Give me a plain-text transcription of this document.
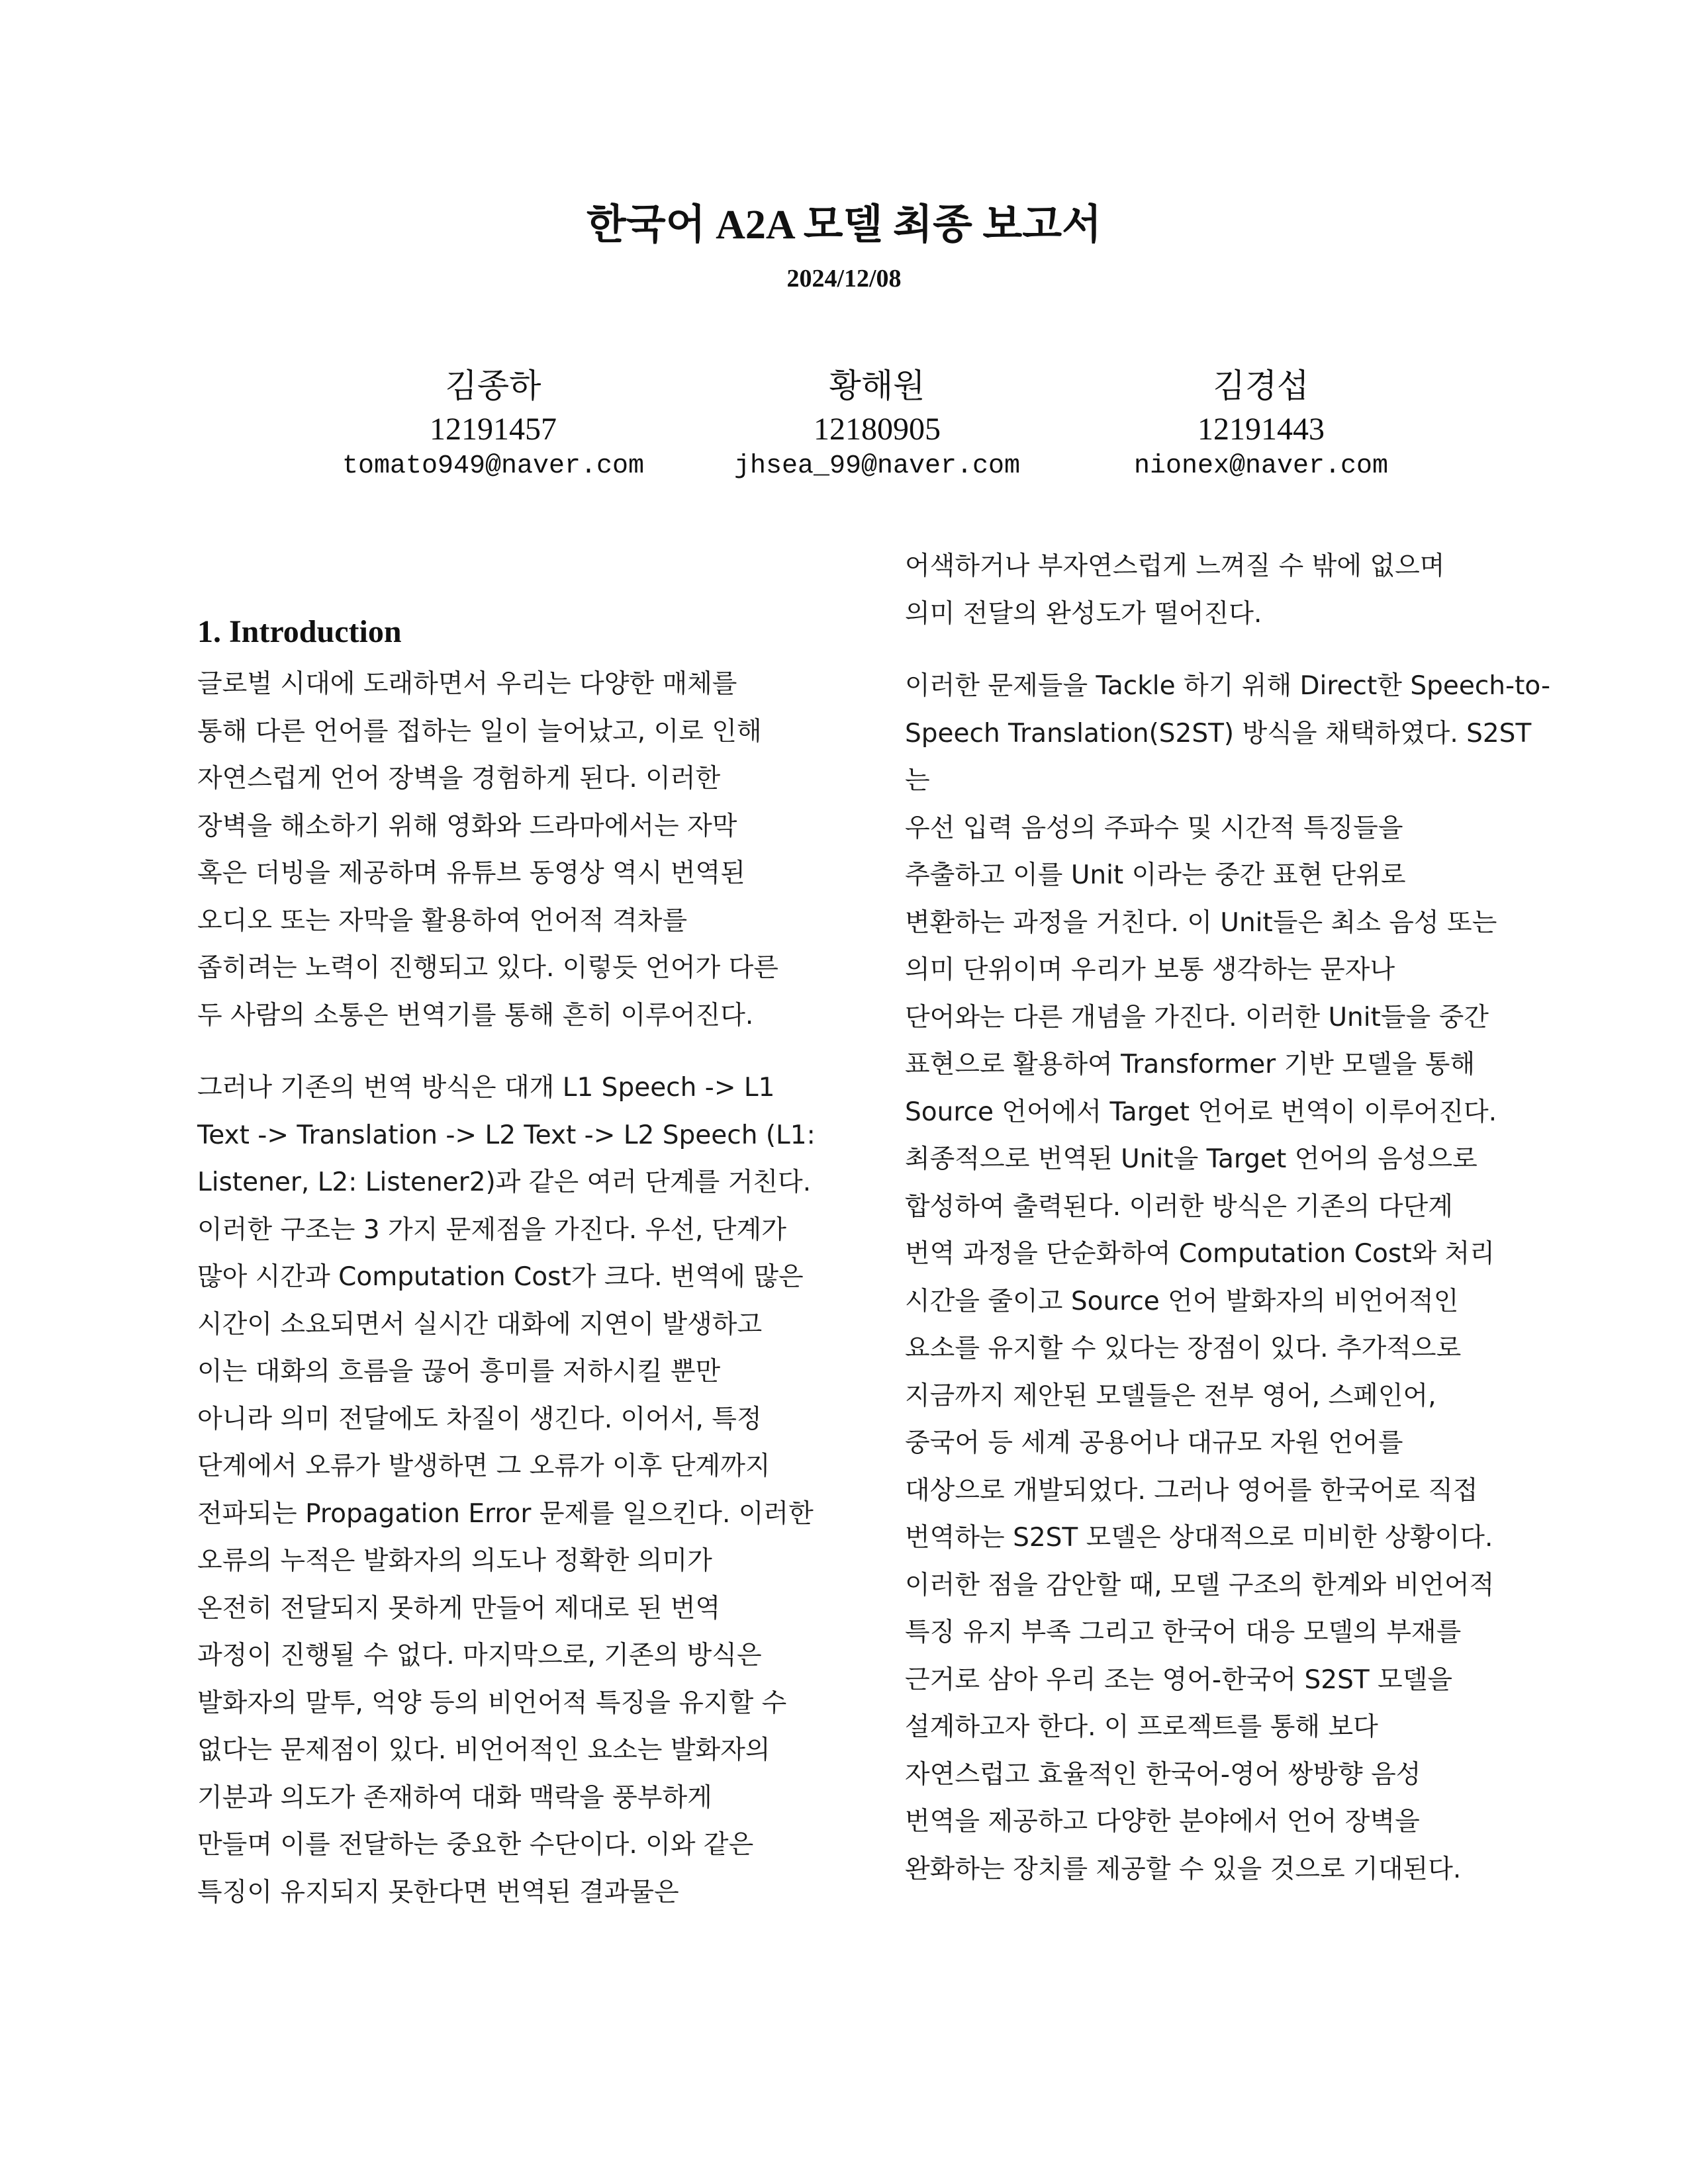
한국어 A2A 모델 최종 보고서
2024/12/08
김종하
12191457
tomato949@naver.com
황해원
12180905
jhsea_99@naver.com
김경섭
12191443
nionex@naver.com
1. Introduction

글로벌 시대에 도래하면서 우리는 다양한 매체를
통해 다른 언어를 접하는 일이 늘어났고, 이로 인해
자연스럽게 언어 장벽을 경험하게 된다. 이러한
장벽을 해소하기 위해 영화와 드라마에서는 자막
혹은 더빙을 제공하며 유튜브 동영상 역시 번역된
오디오 또는 자막을 활용하여 언어적 격차를
좁히려는 노력이 진행되고 있다. 이렇듯 언어가 다른
두 사람의 소통은 번역기를 통해 흔히 이루어진다.

그러나 기존의 번역 방식은 대개 L1 Speech -> L1
Text -> Translation -> L2 Text -> L2 Speech (L1:
Listener, L2: Listener2)과 같은 여러 단계를 거친다.
이러한 구조는 3 가지 문제점을 가진다. 우선, 단계가
많아 시간과 Computation Cost가 크다. 번역에 많은
시간이 소요되면서 실시간 대화에 지연이 발생하고
이는 대화의 흐름을 끊어 흥미를 저하시킬 뿐만
아니라 의미 전달에도 차질이 생긴다. 이어서, 특정
단계에서 오류가 발생하면 그 오류가 이후 단계까지
전파되는 Propagation Error 문제를 일으킨다. 이러한
오류의 누적은 발화자의 의도나 정확한 의미가
온전히 전달되지 못하게 만들어 제대로 된 번역
과정이 진행될 수 없다. 마지막으로, 기존의 방식은
발화자의 말투, 억양 등의 비언어적 특징을 유지할 수
없다는 문제점이 있다. 비언어적인 요소는 발화자의
기분과 의도가 존재하여 대화 맥락을 풍부하게
만들며 이를 전달하는 중요한 수단이다. 이와 같은
특징이 유지되지 못한다면 번역된 결과물은

어색하거나 부자연스럽게 느껴질 수 밖에 없으며
의미 전달의 완성도가 떨어진다.

이러한 문제들을 Tackle 하기 위해 Direct한 Speech-to-
Speech Translation(S2ST) 방식을 채택하였다. S2ST는
우선 입력 음성의 주파수 및 시간적 특징들을
추출하고 이를 Unit 이라는 중간 표현 단위로
변환하는 과정을 거친다. 이 Unit들은 최소 음성 또는
의미 단위이며 우리가 보통 생각하는 문자나
단어와는 다른 개념을 가진다. 이러한 Unit들을 중간
표현으로 활용하여 Transformer 기반 모델을 통해
Source 언어에서 Target 언어로 번역이 이루어진다.
최종적으로 번역된 Unit을 Target 언어의 음성으로
합성하여 출력된다. 이러한 방식은 기존의 다단계
번역 과정을 단순화하여 Computation Cost와 처리
시간을 줄이고 Source 언어 발화자의 비언어적인
요소를 유지할 수 있다는 장점이 있다. 추가적으로
지금까지 제안된 모델들은 전부 영어, 스페인어,
중국어 등 세계 공용어나 대규모 자원 언어를
대상으로 개발되었다. 그러나 영어를 한국어로 직접
번역하는 S2ST 모델은 상대적으로 미비한 상황이다.
이러한 점을 감안할 때, 모델 구조의 한계와 비언어적
특징 유지 부족 그리고 한국어 대응 모델의 부재를
근거로 삼아 우리 조는 영어-한국어 S2ST 모델을
설계하고자 한다. 이 프로젝트를 통해 보다
자연스럽고 효율적인 한국어-영어 쌍방향 음성
번역을 제공하고 다양한 분야에서 언어 장벽을
완화하는 장치를 제공할 수 있을 것으로 기대된다.
